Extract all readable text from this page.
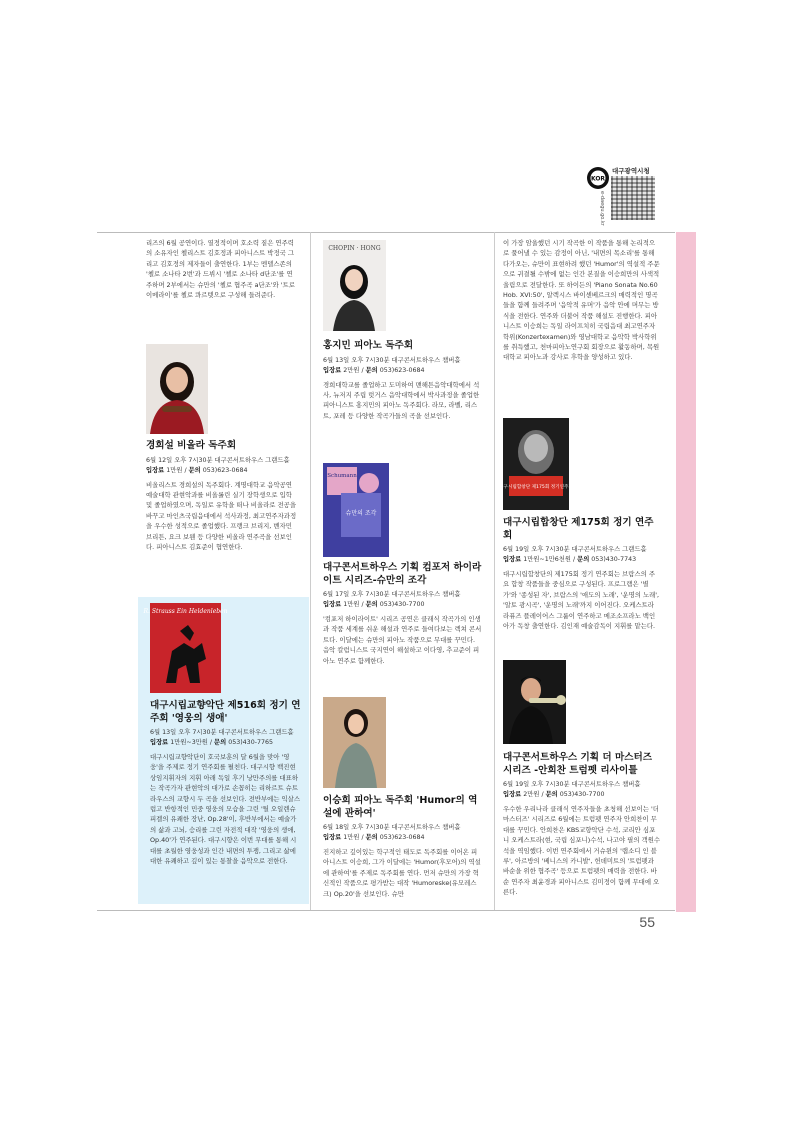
KOR
대구광역시청
e-daegu.go.kr

리즈의 6월 공연이다. 열정적이며 호소력 짙은 연주력의 소유자인 첼리스트 김호정과 피아니스트 박정국 그리고 김호정의 제자들이 출연한다. 1부는 멘델스존의 '첼로 소나타 2번'과 드뷔시 '첼로 소나타 d단조'를 연주하며 2부에서는 슈만의 '첼로 협주곡 a단조'와 '트로이메라이'를 첼로 콰르텟으로 구성해 들려준다.

경희설 비올라 독주회

6월 12일 오후 7시30분 대구콘서트하우스 그랜드홀

입장료 1만원 / 문의 053)623-0684

비올리스트 경희설의 독주회다. 계명대학교 음악공연예술대학 관현악과를 비올롤린 실기 장학생으로 입학 및 졸업하였으며, 독일로 유학을 떠나 비올라로 전공을 바꾸고 마인츠국립음대에서 석사과정, 최고연주자과정을 우수한 성적으로 졸업했다. 프랭크 브리지, 벤자민 브리튼, 요크 보웬 등 다양한 비올라 연주곡을 선보인다. 피아니스트 김효준이 협연한다.

R. Strauss Ein Heldenleben

대구시립교향악단 제516회 정기 연주회 '영웅의 생애'

6월 13일 오후 7시30분 대구콘서트하우스 그랜드홀

입장료 1만원~3만원 / 문의 053)430-7765

대구시립교향악단이 호국보훈의 달 6월을 맞아 '영웅'을 주제로 정기 연주회를 펼친다. 대구시향 백진현 상임지휘자의 지휘 아래 독일 후기 낭만주의를 대표하는 작곡가자 관현악의 대가로 손꼽히는 리하르트 슈트라우스의 교향시 두 곡을 선보인다. 전반부에는 익살스럽고 반항적인 민중 영웅의 모습을 그린 '틸 오일렌슈피겔의 유쾌한 장난, Op.28'이, 후반부에서는 예술가의 삶과 고뇌, 승리를 그린 자전적 대작 '영웅의 생애, Op.40'가 연주된다. 대구시향은 이번 무대를 통해 시대를 초월한 영웅성과 인간 내면의 투쟁, 그리고 삶에 대한 유쾌하고 깊이 있는 통찰을 음악으로 전한다.

CHOPIN · HONG

홍지민 피아노 독주회

6월 13일 오후 7시30분 대구콘서트하우스 챔버홀

입장료 2만원 / 문의 053)623-0684

경희대학교를 졸업하고 도미하여 맨해튼음악대학에서 석사, 뉴저지 주립 럿거스 음악대학에서 박사과정을 졸업한 피아니스트 홍지민의 피아노 독주회다. 라모, 라벨, 리스트, 포레 등 다양한 작곡가들의 곡을 선보인다.

Schumann
슈만의 조각

대구콘서트하우스 기획 컴포저 하이라이트 시리즈-슈만의 조각

6월 17일 오후 7시30분 대구콘서트하우스 챔버홀

입장료 1만원 / 문의 053)430-7700

'컴포저 하이라이트' 시리즈 공연은 클래식 작곡가의 인생과 작품 세계를 쉬운 해설과 연주로 들여다보는 렉쳐 콘서트다. 이달에는 슈만의 피아노 작품으로 무대를 꾸민다. 음악 칼럼니스트 국지연이 해설하고 이다영, 추교준이 피아노 연주로 함께한다.

이승희 피아노 독주회 'Humor의 역설에 관하여'

6월 18일 오후 7시30분 대구콘서트하우스 챔버홀

입장료 1만원 / 문의 053)623-0684

진지하고 깊이있는 학구적인 태도로 독주회를 이어온 피아니스트 이승희, 그가 이달에는 'Humor(후모어)의 역설에 관하여'를 주제로 독주회를 연다. 먼저 슈만의 가장 혁신적인 작품으로 평가받는 대작 'Humoreske(유모레스크) Op.20'을 선보인다. 슈만

이 가장 암울했던 시기 작곡한 이 작품을 통해 논리적으로 풀어낼 수 있는 감정이 아닌, '내면의 목소리'를 통해 다가오는, 슈만이 표현하려 했던 'Humor'의 역설적 주문으로 귀결될 수밖에 없는 인간 본질을 이승희만의 사색적 울림으로 전달한다. 또 하이든의 'Piano Sonata No.60 Hob. XVI:50', 알렉시스 바이센베르크의 매력적인 명곡들을 함께 들려주며 '음악적 유머'가 음악 안에 머무는 방식을 전한다. 연주와 더불어 작품 해설도 진행한다. 피아니스트 이승희는 독일 라이프치히 국립음대 최고연주자학위(Konzertexamen)와 영남대학교 음악학 박사학위를 취득했고, 천마피아노연구회 회장으로 활동하며, 목원대학교 피아노과 강사로 후학을 양성하고 있다.

대구시립합창단 제175회 정기연주회

대구시립합창단 제175회 정기 연주회

6월 19일 오후 7시30분 대구콘서트하우스 그랜드홀

입장료 1만원~1만6천원 / 문의 053)430-7743

대구시립합창단의 제175회 정기 연주회는 브람스의 주요 합창 작품들을 중심으로 구성된다. 프로그램은 '별가'와 '종성된 자', 브람스의 '애도의 노래', '운명의 노래', '알토 광시곡', '운명의 노래'까지 이어진다. 오케스트라 라퓨즈 플레이어스 그룹이 연주하고 메조소프라노 백인아가 독창 출연한다. 김인재 예술감독이 지휘를 맡는다.

대구콘서트하우스 기획 더 마스터즈 시리즈 -안희찬 트럼펫 리사이틀

6월 19일 오후 7시30분 대구콘서트하우스 챔버홀

입장료 2만원 / 문의 053)430-7700

우수한 우리나라 클래식 연주자들을 초청해 선보이는 '더 마스터즈' 시리즈로 6월에는 트럼펫 연주자 안희찬이 무대를 꾸민다. 안희찬은 KBS교향악단 수석, 코리안 심포니 오케스트라(현, 국립 심포니)수석, 나고야 필의 객원수석을 역임했다. 이번 연주회에서 거슈윈의 '랩소디 인 블루', 아르방의 '베니스의 카니발', 헌데미트의 '트럼펫과 바순을 위한 협주곡' 등으로 트럼펫의 매력을 전한다. 바순 연주자 최윤경과 피아니스트 김미정이 함께 무대에 오른다.

55
